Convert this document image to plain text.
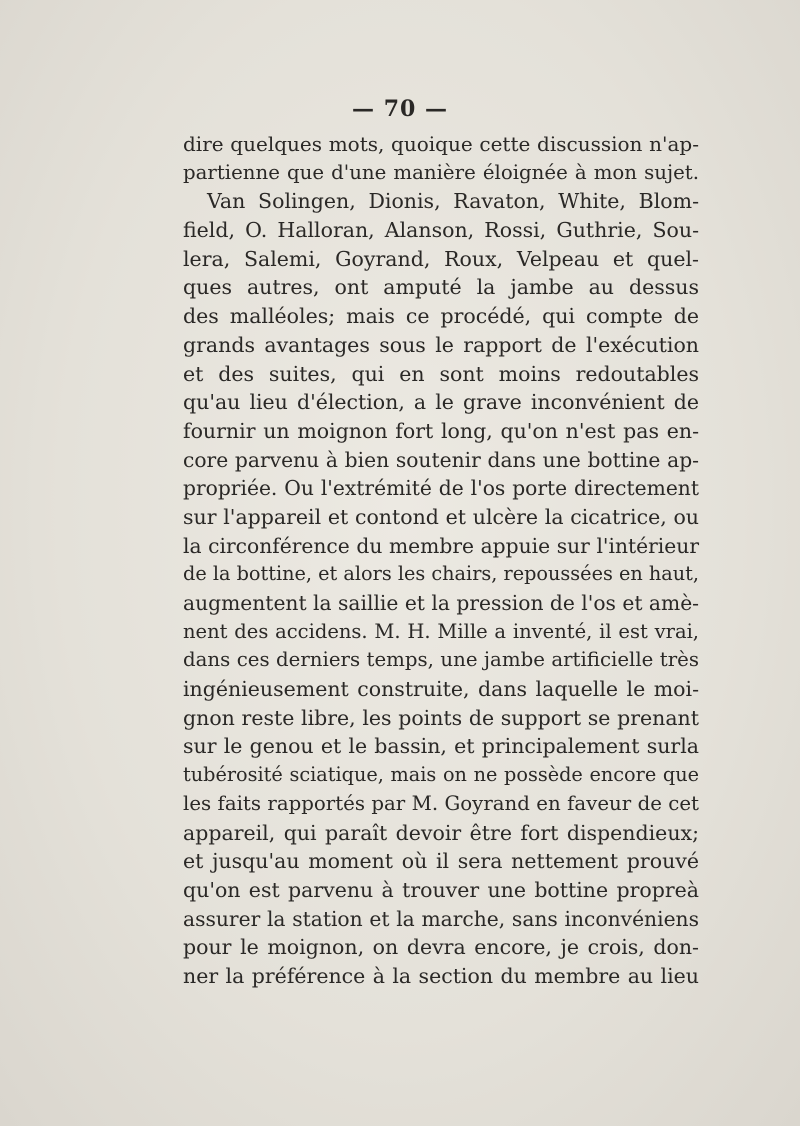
— 70 —
dire quelques mots, quoique cette discussion n'ap-
partienne que d'une manière éloignée à mon sujet.
Van Solingen, Dionis, Ravaton, White, Blom-
field, O. Halloran, Alanson, Rossi, Guthrie, Sou-
lera, Salemi, Goyrand, Roux, Velpeau et quel-
ques autres, ont amputé la jambe au dessus
des malléoles; mais ce procédé, qui compte de
grands avantages sous le rapport de l'exécution
et des suites, qui en sont moins redoutables
qu'au lieu d'élection, a le grave inconvénient de
fournir un moignon fort long, qu'on n'est pas en-
core parvenu à bien soutenir dans une bottine ap-
propriée. Ou l'extrémité de l'os porte directement
sur l'appareil et contond et ulcère la cicatrice, ou
la circonférence du membre appuie sur l'intérieur
de la bottine, et alors les chairs, repoussées en haut,
augmentent la saillie et la pression de l'os et amè-
nent des accidens. M. H. Mille a inventé, il est vrai,
dans ces derniers temps, une jambe artificielle très
ingénieusement construite, dans laquelle le moi-
gnon reste libre, les points de support se prenant
sur le genou et le bassin, et principalement surla
tubérosité sciatique, mais on ne possède encore que
les faits rapportés par M. Goyrand en faveur de cet
appareil, qui paraît devoir être fort dispendieux;
et jusqu'au moment où il sera nettement prouvé
qu'on est parvenu à trouver une bottine propreà
assurer la station et la marche, sans inconvéniens
pour le moignon, on devra encore, je crois, don-
ner la préférence à la section du membre au lieu
